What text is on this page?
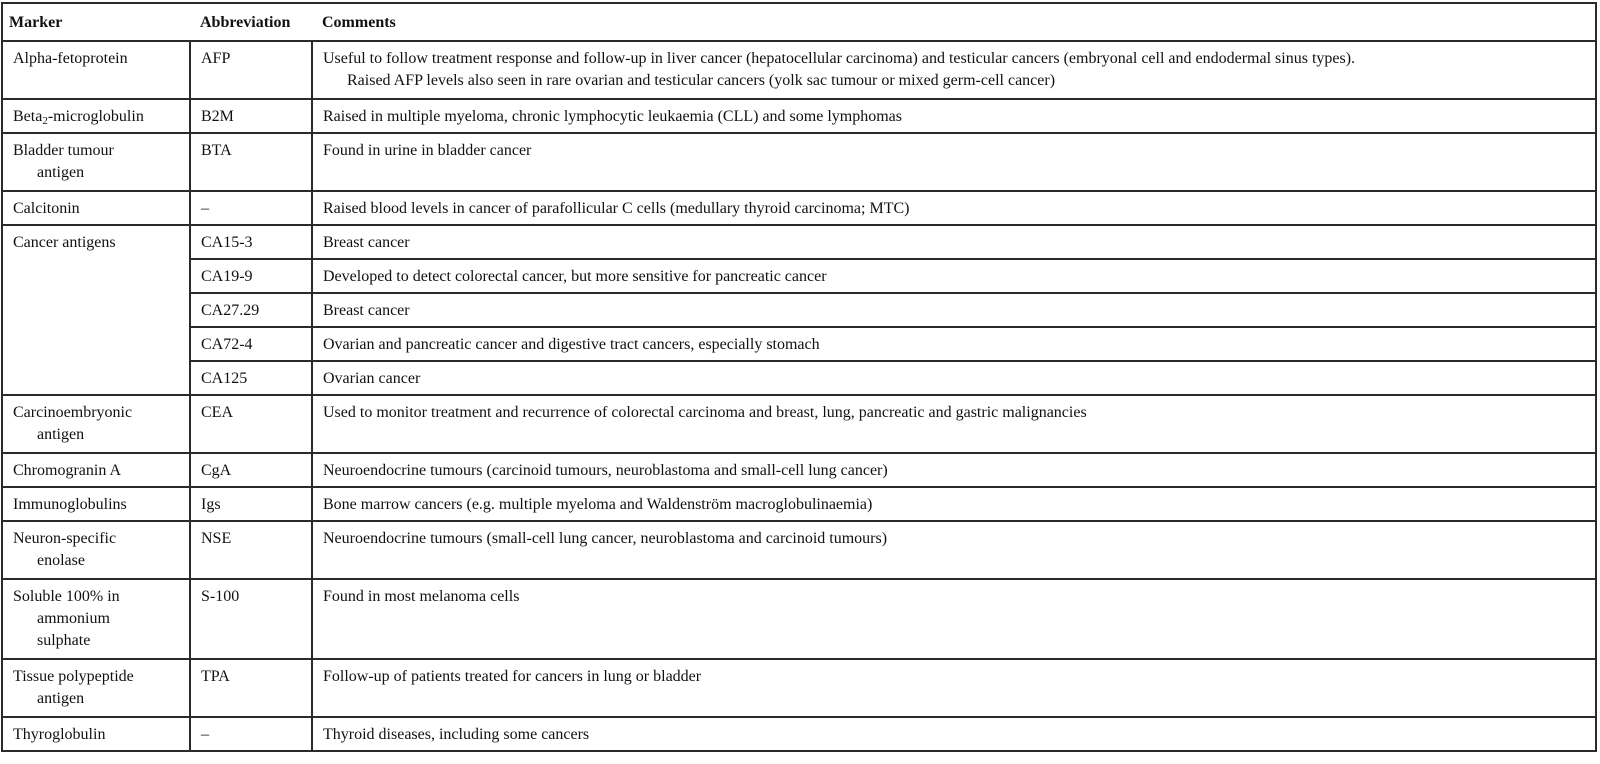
Marker	Abbreviation	Comments

Alpha-fetoprotein	AFP	Useful to follow treatment response and follow-up in liver cancer (hepatocellular carcinoma) and testicular cancers (embryonal cell and endodermal sinus types).
Raised AFP levels also seen in rare ovarian and testicular cancers (yolk sac tumour or mixed germ-cell cancer)

Beta$_2$-microglobulin	B2M	Raised in multiple myeloma, chronic lymphocytic leukaemia (CLL) and some lymphomas

Bladder tumour
antigen	BTA	Found in urine in bladder cancer
Calcitonin	–	Raised blood levels in cancer of parafollicular C cells (medullary thyroid carcinoma; MTC)
Cancer antigens	CA15-3	Breast cancer
	CA19-9	Developed to detect colorectal cancer, but more sensitive for pancreatic cancer
	CA27.29	Breast cancer
	CA72-4	Ovarian and pancreatic cancer and digestive tract cancers, especially stomach
	CA125	Ovarian cancer

Carcinoembryonic
antigen	CEA	Used to monitor treatment and recurrence of colorectal carcinoma and breast, lung, pancreatic and gastric malignancies
Chromogranin A	CgA	Neuroendocrine tumours (carcinoid tumours, neuroblastoma and small-cell lung cancer)
Immunoglobulins	Igs	Bone marrow cancers (e.g. multiple myeloma and Waldenström macroglobulinaemia)

Neuron-specific
enolase	NSE	Neuroendocrine tumours (small-cell lung cancer, neuroblastoma and carcinoid tumours)

Soluble 100% in
ammonium
sulphate	S-100	Found in most melanoma cells

Tissue polypeptide
antigen	TPA	Follow-up of patients treated for cancers in lung or bladder
Thyroglobulin	–	Thyroid diseases, including some cancers
